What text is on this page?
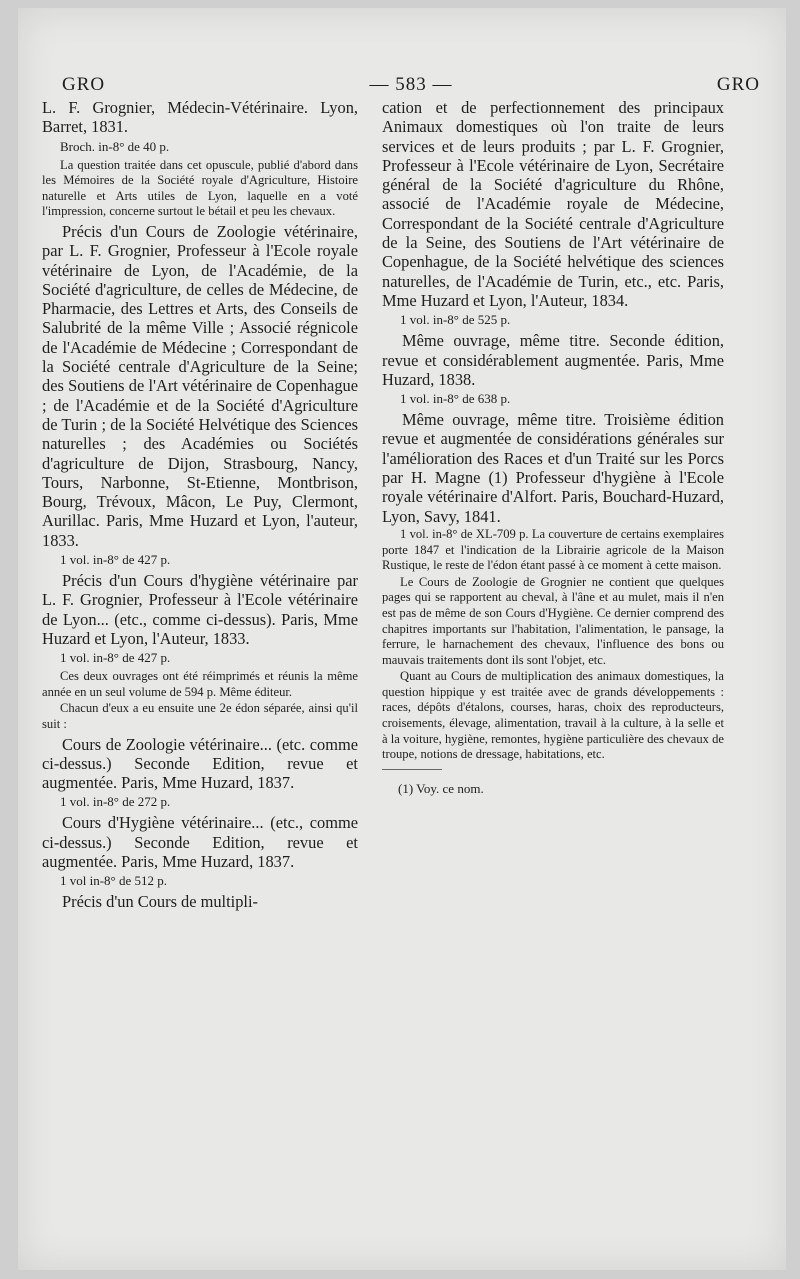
GRO	— 583 —	GRO

L. F. Grognier, Médecin-Vétérinaire. Lyon, Barret, 1831.

Broch. in-8° de 40 p.

La question traitée dans cet opuscule, publié d'abord dans les Mémoires de la Société royale d'Agriculture, Histoire naturelle et Arts utiles de Lyon, laquelle en a voté l'impression, concerne surtout le bétail et peu les chevaux.

Précis d'un Cours de Zoologie vétérinaire, par L. F. Grognier, Professeur à l'Ecole royale vétérinaire de Lyon, de l'Académie, de la Société d'agriculture, de celles de Médecine, de Pharmacie, des Lettres et Arts, des Conseils de Salubrité de la même Ville ; Associé régnicole de l'Académie de Médecine ; Correspondant de la Société centrale d'Agriculture de la Seine; des Soutiens de l'Art vétérinaire de Copenhague ; de l'Académie et de la Société d'Agriculture de Turin ; de la Société Helvétique des Sciences naturelles ; des Académies ou Sociétés d'agriculture de Dijon, Strasbourg, Nancy, Tours, Narbonne, St-Etienne, Montbrison, Bourg, Trévoux, Mâcon, Le Puy, Clermont, Aurillac. Paris, Mme Huzard et Lyon, l'auteur, 1833.

1 vol. in-8° de 427 p.

Précis d'un Cours d'hygiène vétérinaire par L. F. Grognier, Professeur à l'Ecole vétérinaire de Lyon... (etc., comme ci-dessus). Paris, Mme Huzard et Lyon, l'Auteur, 1833.

1 vol. in-8° de 427 p.

Ces deux ouvrages ont été réimprimés et réunis la même année en un seul volume de 594 p. Même éditeur.

Chacun d'eux a eu ensuite une 2e édon séparée, ainsi qu'il suit :

Cours de Zoologie vétérinaire... (etc. comme ci-dessus.) Seconde Edition, revue et augmentée. Paris, Mme Huzard, 1837.

1 vol. in-8° de 272 p.

Cours d'Hygiène vétérinaire... (etc., comme ci-dessus.) Seconde Edition, revue et augmentée. Paris, Mme Huzard, 1837.

1 vol in-8° de 512 p.

Précis d'un Cours de multipli-

cation et de perfectionnement des principaux Animaux domestiques où l'on traite de leurs services et de leurs produits ; par L. F. Grognier, Professeur à l'Ecole vétérinaire de Lyon, Secrétaire général de la Société d'agriculture du Rhône, associé de l'Académie royale de Médecine, Correspondant de la Société centrale d'Agriculture de la Seine, des Soutiens de l'Art vétérinaire de Copenhague, de la Société helvétique des sciences naturelles, de l'Académie de Turin, etc., etc. Paris, Mme Huzard et Lyon, l'Auteur, 1834.

1 vol. in-8° de 525 p.

Même ouvrage, même titre. Seconde édition, revue et considérablement augmentée. Paris, Mme Huzard, 1838.

1 vol. in-8° de 638 p.

Même ouvrage, même titre. Troisième édition revue et augmentée de considérations générales sur l'amélioration des Races et d'un Traité sur les Porcs par H. Magne (1) Professeur d'hygiène à l'Ecole royale vétérinaire d'Alfort. Paris, Bouchard-Huzard, Lyon, Savy, 1841.

1 vol. in-8° de XL-709 p. La couverture de certains exemplaires porte 1847 et l'indication de la Librairie agricole de la Maison Rustique, le reste de l'édon étant passé à ce moment à cette maison.

Le Cours de Zoologie de Grognier ne contient que quelques pages qui se rapportent au cheval, à l'âne et au mulet, mais il n'en est pas de même de son Cours d'Hygiène. Ce dernier comprend des chapitres importants sur l'habitation, l'alimentation, le pansage, la ferrure, le harnachement des chevaux, l'influence des bons ou mauvais traitements dont ils sont l'objet, etc.

Quant au Cours de multiplication des animaux domestiques, la question hippique y est traitée avec de grands développements : races, dépôts d'étalons, courses, haras, choix des reproducteurs, croisements, élevage, alimentation, travail à la culture, à la selle et à la voiture, hygiène, remontes, hygiène particulière des chevaux de troupe, notions de dressage, habitations, etc.

(1) Voy. ce nom.
